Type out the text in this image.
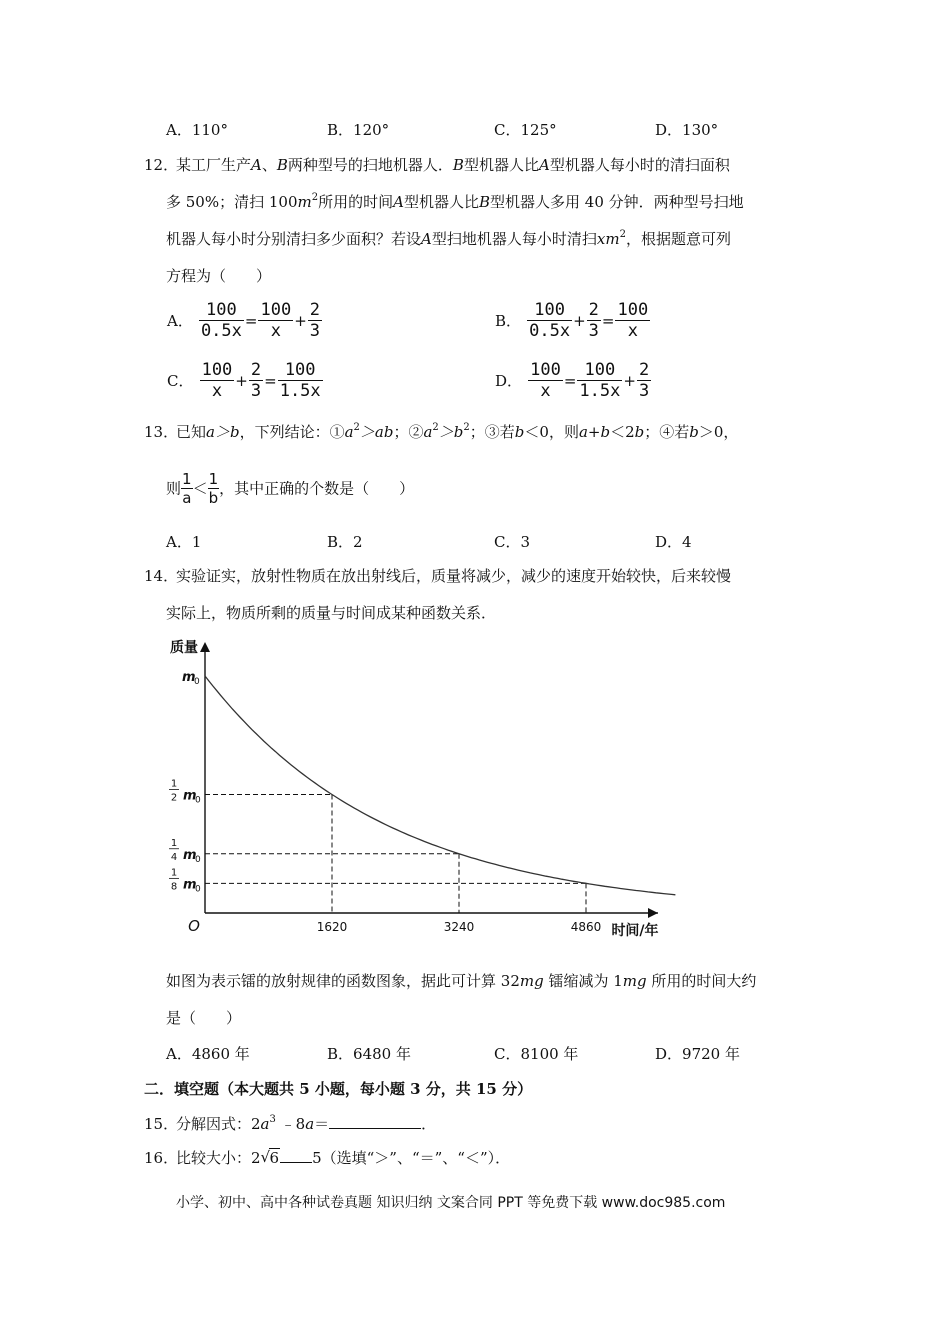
A．110°	B．120°	C．125°	D．130°
12．
某工厂生产A、B两种型号的扫地机器人．B型机器人比A型机器人每小时的清扫面积
多 50%；清扫 $100m^2$所用的时间A型机器人比B型机器人多用 40 分钟．两种型号扫地
机器人每小时分别清扫多少面积？若设A型扫地机器人每小时清扫$xm^2$，根据题意可列
方程为（　　）
A． $\frac{100}{0.5x} = \frac{100}{x} + \frac{2}{3}$	B． $\frac{100}{0.5x} + \frac{2}{3} = \frac{100}{x}$
C． $\frac{100}{x} + \frac{2}{3} = \frac{100}{1.5x}$	D． $\frac{100}{x} = \frac{100}{1.5x} + \frac{2}{3}$
13．
已知a＞b，下列结论：$①a^2>ab$；$②a^2>b^2$；③若b＜0，则a+b＜2b；④若b＞0，
则 $\frac{1}{a} < \frac{1}{b}$ ，其中正确的个数是（　　）
A．1	B．2	C．3	D．4
14．
实验证实，放射性物质在放出射线后，质量将减少，减少的速度开始较快，后来较慢
实际上，物质所剩的质量与时间成某种函数关系．
1620	3240	4860 时间/年
质量
O
m
0
1
2 m
0
1
4 m
0
1
8 m
0
如图为表示镭的放射规律的函数图象，据此可计算 32mg 镭缩减为 1mg 所用的时间大约
是（　　）
A．4860 年	B．6480 年	C．8100 年	D．9720 年
二．填空题（本大题共 5 小题，每小题 3 分，共 15 分）
15．
分解因式：$2a^3$ ﹣8a＝	．
16．
比较大小：2 √ 6 5（选填“＞”、“＝”、“＜”）．
小学、初中、高中各种试卷真题 知识归纳 文案合同 PPT 等免费下载 www.doc985.com
